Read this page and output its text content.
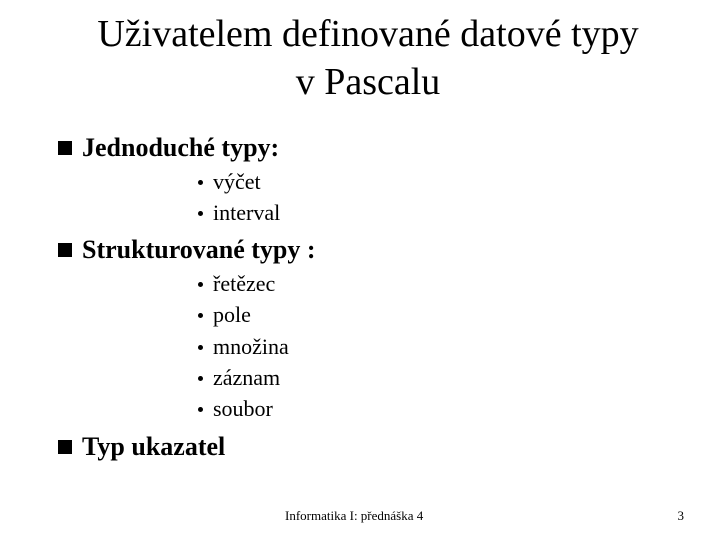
Uživatelem definované datové typy
v Pascalu
Jednoduché typy:
výčet
interval
Strukturované typy :
řetězec
pole
množina
záznam
soubor
Typ ukazatel
Informatika I: přednáška 4	3
